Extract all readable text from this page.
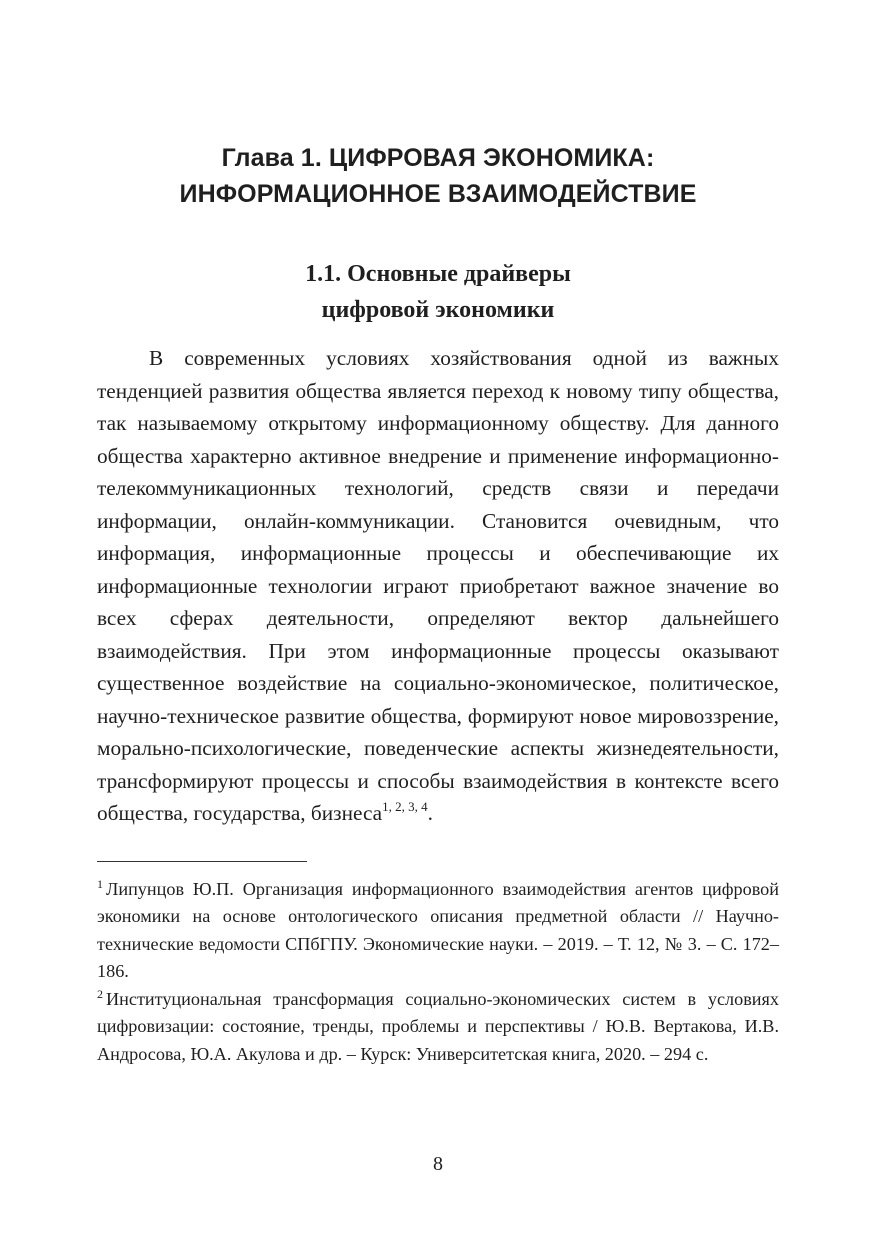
Глава 1. ЦИФРОВАЯ ЭКОНОМИКА:
ИНФОРМАЦИОННОЕ ВЗАИМОДЕЙСТВИЕ
1.1. Основные драйверы
цифровой экономики

В современных условиях хозяйствования одной из важных тенденцией развития общества является переход к новому типу общества, так называемому открытому информационному обществу. Для данного общества характерно активное внедрение и применение информационно-телекоммуникационных технологий, средств связи и передачи информации, онлайн-коммуникации. Становится очевидным, что информация, информационные процессы и обеспечивающие их информационные технологии играют приобретают важное значение во всех сферах деятельности, определяют вектор дальнейшего взаимодействия. При этом информационные процессы оказывают существенное воздействие на социально-экономическое, политическое, научно-техническое развитие общества, формируют новое мировоззрение, морально-психологические, поведенческие аспекты жизнедеятельности, трансформируют процессы и способы взаимодействия в контексте всего общества, государства, бизнеса$^{1, 2, 3, 4}$.

$^1$ Липунцов Ю.П. Организация информационного взаимодействия агентов цифровой экономики на основе онтологического описания предметной области // Научно-технические ведомости СПбГПУ. Экономические науки. – 2019. – Т. 12, № 3. – С. 172–186.

$^2$ Институциональная трансформация социально-экономических систем в условиях цифровизации: состояние, тренды, проблемы и перспективы / Ю.В. Вертакова, И.В. Андросова, Ю.А. Акулова и др. – Курск: Университетская книга, 2020. – 294 с.

8
